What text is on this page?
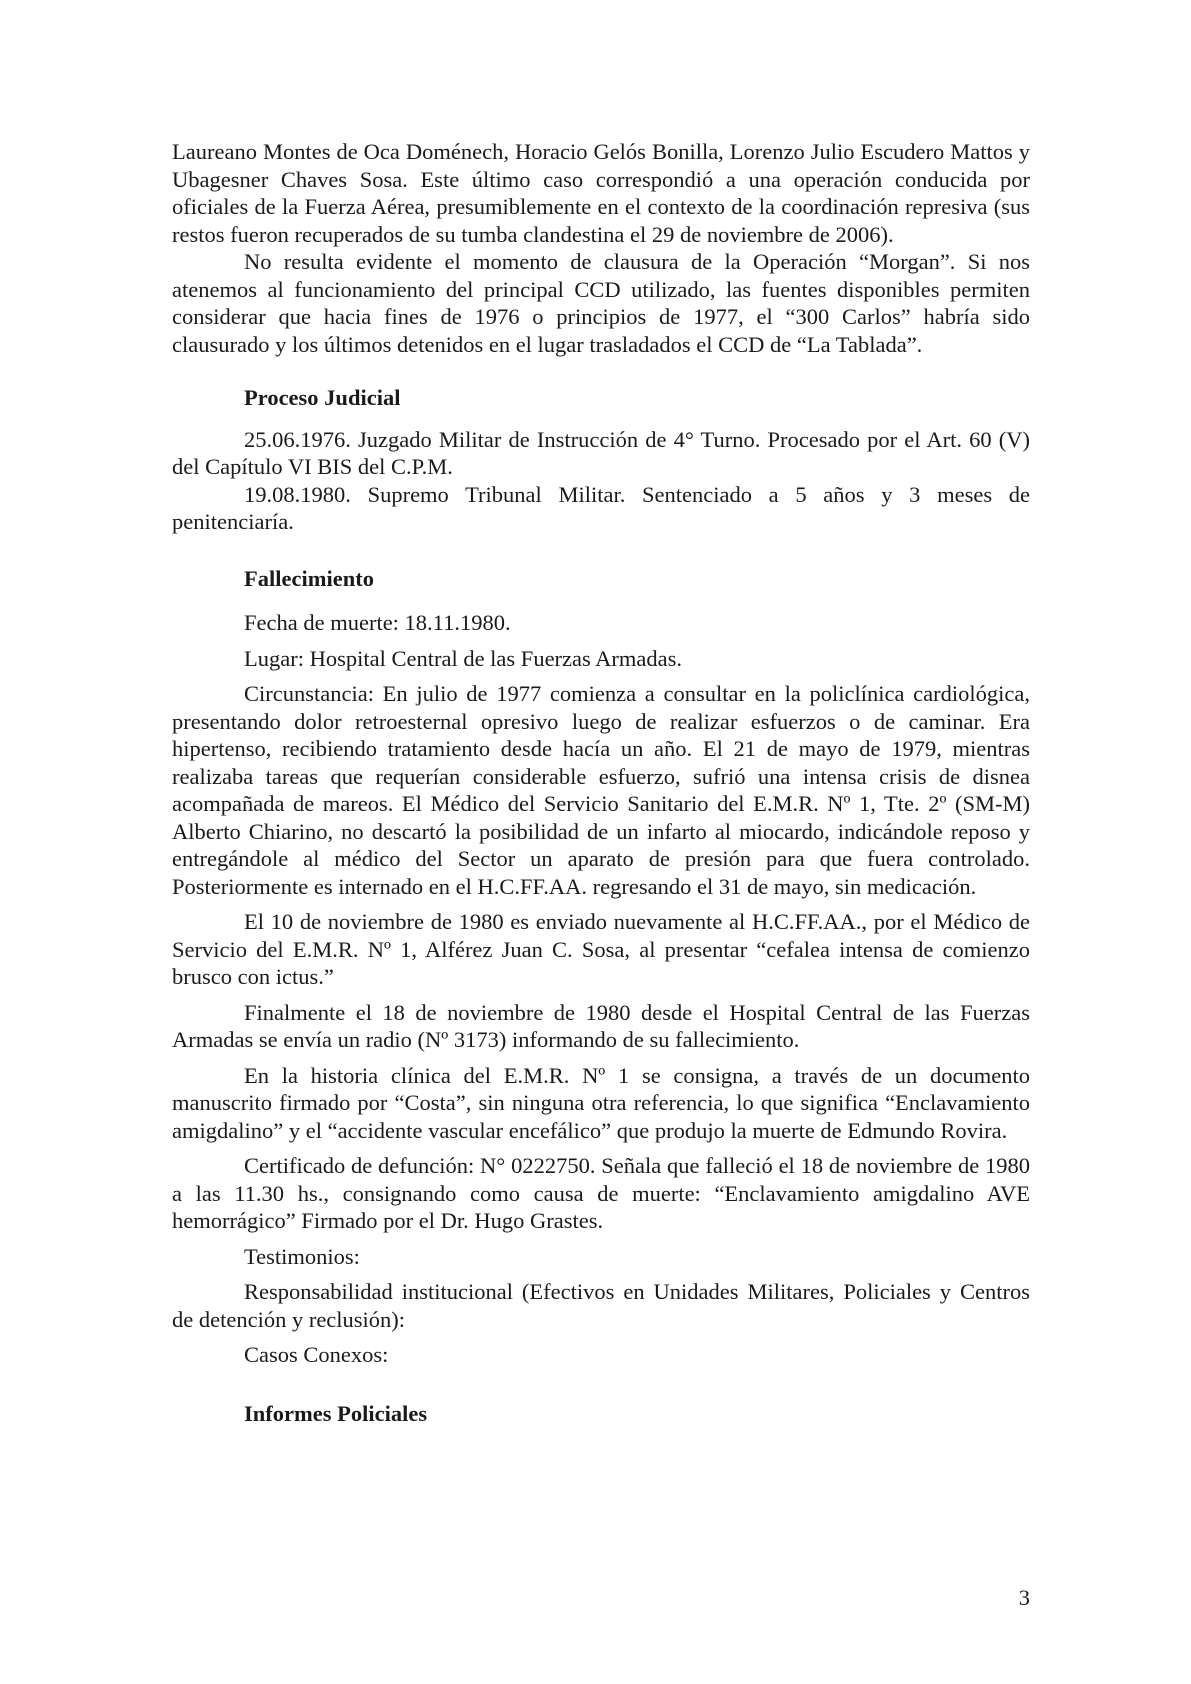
Laureano Montes de Oca Doménech, Horacio Gelós Bonilla, Lorenzo Julio Escudero Mattos y Ubagesner Chaves Sosa. Este último caso correspondió a una operación conducida por oficiales de la Fuerza Aérea, presumiblemente en el contexto de la coordinación represiva (sus restos fueron recuperados de su tumba clandestina el 29 de noviembre de 2006).

No resulta evidente el momento de clausura de la Operación “Morgan”. Si nos atenemos al funcionamiento del principal CCD utilizado, las fuentes disponibles permiten considerar que hacia fines de 1976 o principios de 1977, el “300 Carlos” habría sido clausurado y los últimos detenidos en el lugar trasladados el CCD de “La Tablada”.

Proceso Judicial

25.06.1976. Juzgado Militar de Instrucción de 4° Turno. Procesado por el Art. 60 (V) del Capítulo VI BIS del C.P.M.

19.08.1980. Supremo Tribunal Militar. Sentenciado a 5 años y 3 meses de penitenciaría.

Fallecimiento

Fecha de muerte: 18.11.1980.

Lugar: Hospital Central de las Fuerzas Armadas.

Circunstancia: En julio de 1977 comienza a consultar en la policlínica cardiológica, presentando dolor retroesternal opresivo luego de realizar esfuerzos o de caminar. Era hipertenso, recibiendo tratamiento desde hacía un año. El 21 de mayo de 1979, mientras realizaba tareas que requerían considerable esfuerzo, sufrió una intensa crisis de disnea acompañada de mareos. El Médico del Servicio Sanitario del E.M.R. Nº 1, Tte. 2º (SM-M) Alberto Chiarino, no descartó la posibilidad de un infarto al miocardo, indicándole reposo y entregándole al médico del Sector un aparato de presión para que fuera controlado. Posteriormente es internado en el H.C.FF.AA. regresando el 31 de mayo, sin medicación.

El 10 de noviembre de 1980 es enviado nuevamente al H.C.FF.AA., por el Médico de Servicio del E.M.R. Nº 1, Alférez Juan C. Sosa, al presentar “cefalea intensa de comienzo brusco con ictus.”

Finalmente el 18 de noviembre de 1980 desde el Hospital Central de las Fuerzas Armadas se envía un radio (Nº 3173) informando de su fallecimiento.

En la historia clínica del E.M.R. Nº 1 se consigna, a través de un documento manuscrito firmado por “Costa”, sin ninguna otra referencia, lo que significa “Enclavamiento amigdalino” y el “accidente vascular encefálico” que produjo la muerte de Edmundo Rovira.

Certificado de defunción: N° 0222750. Señala que falleció el 18 de noviembre de 1980 a las 11.30 hs., consignando como causa de muerte: “Enclavamiento amigdalino AVE hemorrágico” Firmado por el Dr. Hugo Grastes.

Testimonios:

Responsabilidad institucional (Efectivos en Unidades Militares, Policiales y Centros de detención y reclusión):

Casos Conexos:

Informes Policiales
3
